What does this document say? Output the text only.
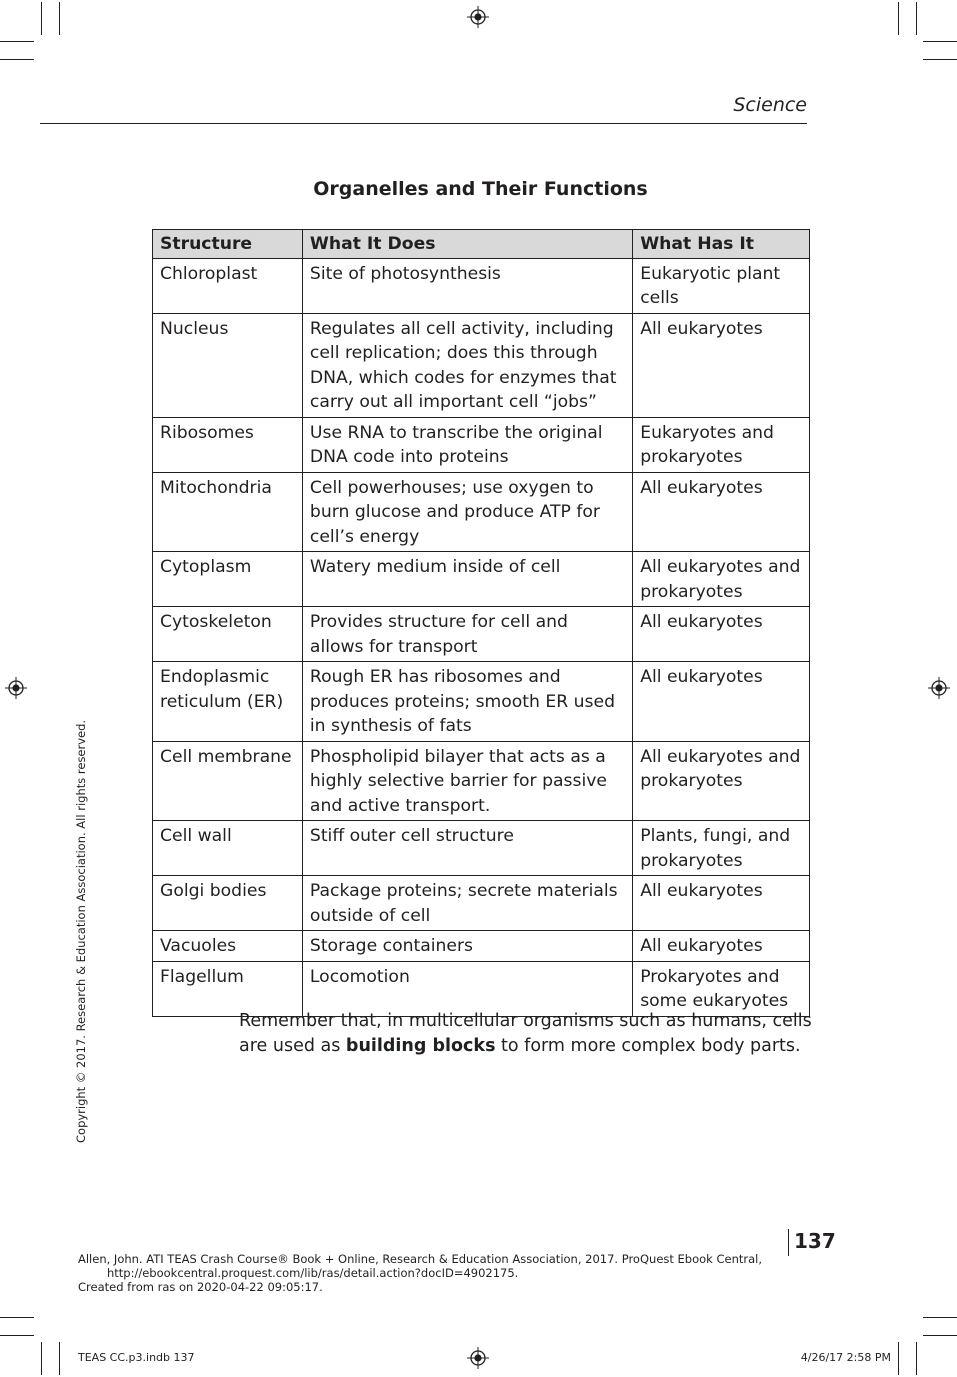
Science
Organelles and Their Functions
Structure	What It Does	What Has It
Chloroplast	Site of photosynthesis	Eukaryotic plant cells
Nucleus	Regulates all cell activity, including cell replication; does this through DNA, which codes for enzymes that carry out all important cell “jobs”	All eukaryotes
Ribosomes	Use RNA to transcribe the original DNA code into proteins	Eukaryotes and prokaryotes
Mitochondria	Cell powerhouses; use oxygen to burn glucose and produce ATP for cell’s energy	All eukaryotes
Cytoplasm	Watery medium inside of cell	All eukaryotes and prokaryotes
Cytoskeleton	Provides structure for cell and allows for transport	All eukaryotes
Endoplasmic reticulum (ER)	Rough ER has ribosomes and produces proteins; smooth ER used in synthesis of fats	All eukaryotes
Cell membrane	Phospholipid bilayer that acts as a highly selective barrier for passive and active transport.	All eukaryotes and prokaryotes
Cell wall	Stiff outer cell structure	Plants, fungi, and prokaryotes
Golgi bodies	Package proteins; secrete materials outside of cell	All eukaryotes
Vacuoles	Storage containers	All eukaryotes
Flagellum	Locomotion	Prokaryotes and some eukaryotes
Remember that, in multicellular organisms such as humans, cells are used as building blocks to form more complex body parts.
Copyright © 2017. Research & Education Association. All rights reserved.
137
Allen, John. ATI TEAS Crash Course® Book + Online, Research & Education Association, 2017. ProQuest Ebook Central,
http://ebookcentral.proquest.com/lib/ras/detail.action?docID=4902175.
Created from ras on 2020-04-22 09:05:17.
TEAS CC.p3.indb 137	4/26/17 2:58 PM
